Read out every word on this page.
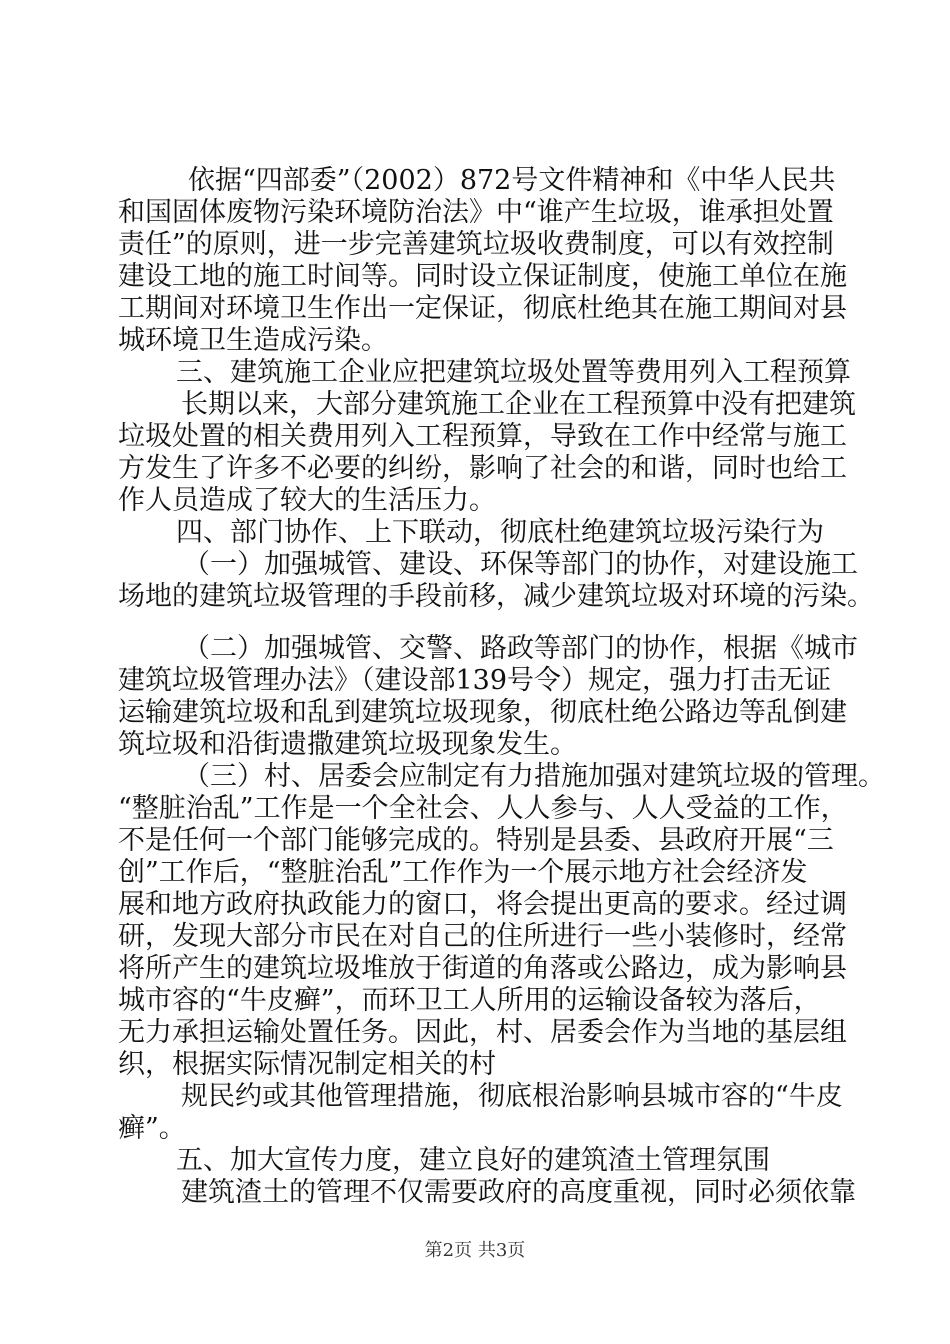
依据“四部委”（2002）872号文件精神和《中华人民共
和国固体废物污染环境防治法》中“谁产生垃圾，谁承担处置
责任”的原则，进一步完善建筑垃圾收费制度，可以有效控制
建设工地的施工时间等。同时设立保证制度，使施工单位在施
工期间对环境卫生作出一定保证，彻底杜绝其在施工期间对县
城环境卫生造成污染。
三、建筑施工企业应把建筑垃圾处置等费用列入工程预算
长期以来，大部分建筑施工企业在工程预算中没有把建筑
垃圾处置的相关费用列入工程预算，导致在工作中经常与施工
方发生了许多不必要的纠纷，影响了社会的和谐，同时也给工
作人员造成了较大的生活压力。
四、部门协作、上下联动，彻底杜绝建筑垃圾污染行为
（一）加强城管、建设、环保等部门的协作，对建设施工
场地的建筑垃圾管理的手段前移，减少建筑垃圾对环境的污染。
（二）加强城管、交警、路政等部门的协作，根据《城市
建筑垃圾管理办法》（建设部139号令）规定，强力打击无证
运输建筑垃圾和乱到建筑垃圾现象，彻底杜绝公路边等乱倒建
筑垃圾和沿街遗撒建筑垃圾现象发生。
（三）村、居委会应制定有力措施加强对建筑垃圾的管理。
“整脏治乱”工作是一个全社会、人人参与、人人受益的工作，
不是任何一个部门能够完成的。特别是县委、县政府开展“三
创”工作后，“整脏治乱”工作作为一个展示地方社会经济发
展和地方政府执政能力的窗口，将会提出更高的要求。经过调
研，发现大部分市民在对自己的住所进行一些小装修时，经常
将所产生的建筑垃圾堆放于街道的角落或公路边，成为影响县
城市容的“牛皮癣”，而环卫工人所用的运输设备较为落后，
无力承担运输处置任务。因此，村、居委会作为当地的基层组
织，根据实际情况制定相关的村
规民约或其他管理措施，彻底根治影响县城市容的“牛皮
第2页 共3页
癣”。
五、加大宣传力度，建立良好的建筑渣土管理氛围
建筑渣土的管理不仅需要政府的高度重视，同时必须依靠
